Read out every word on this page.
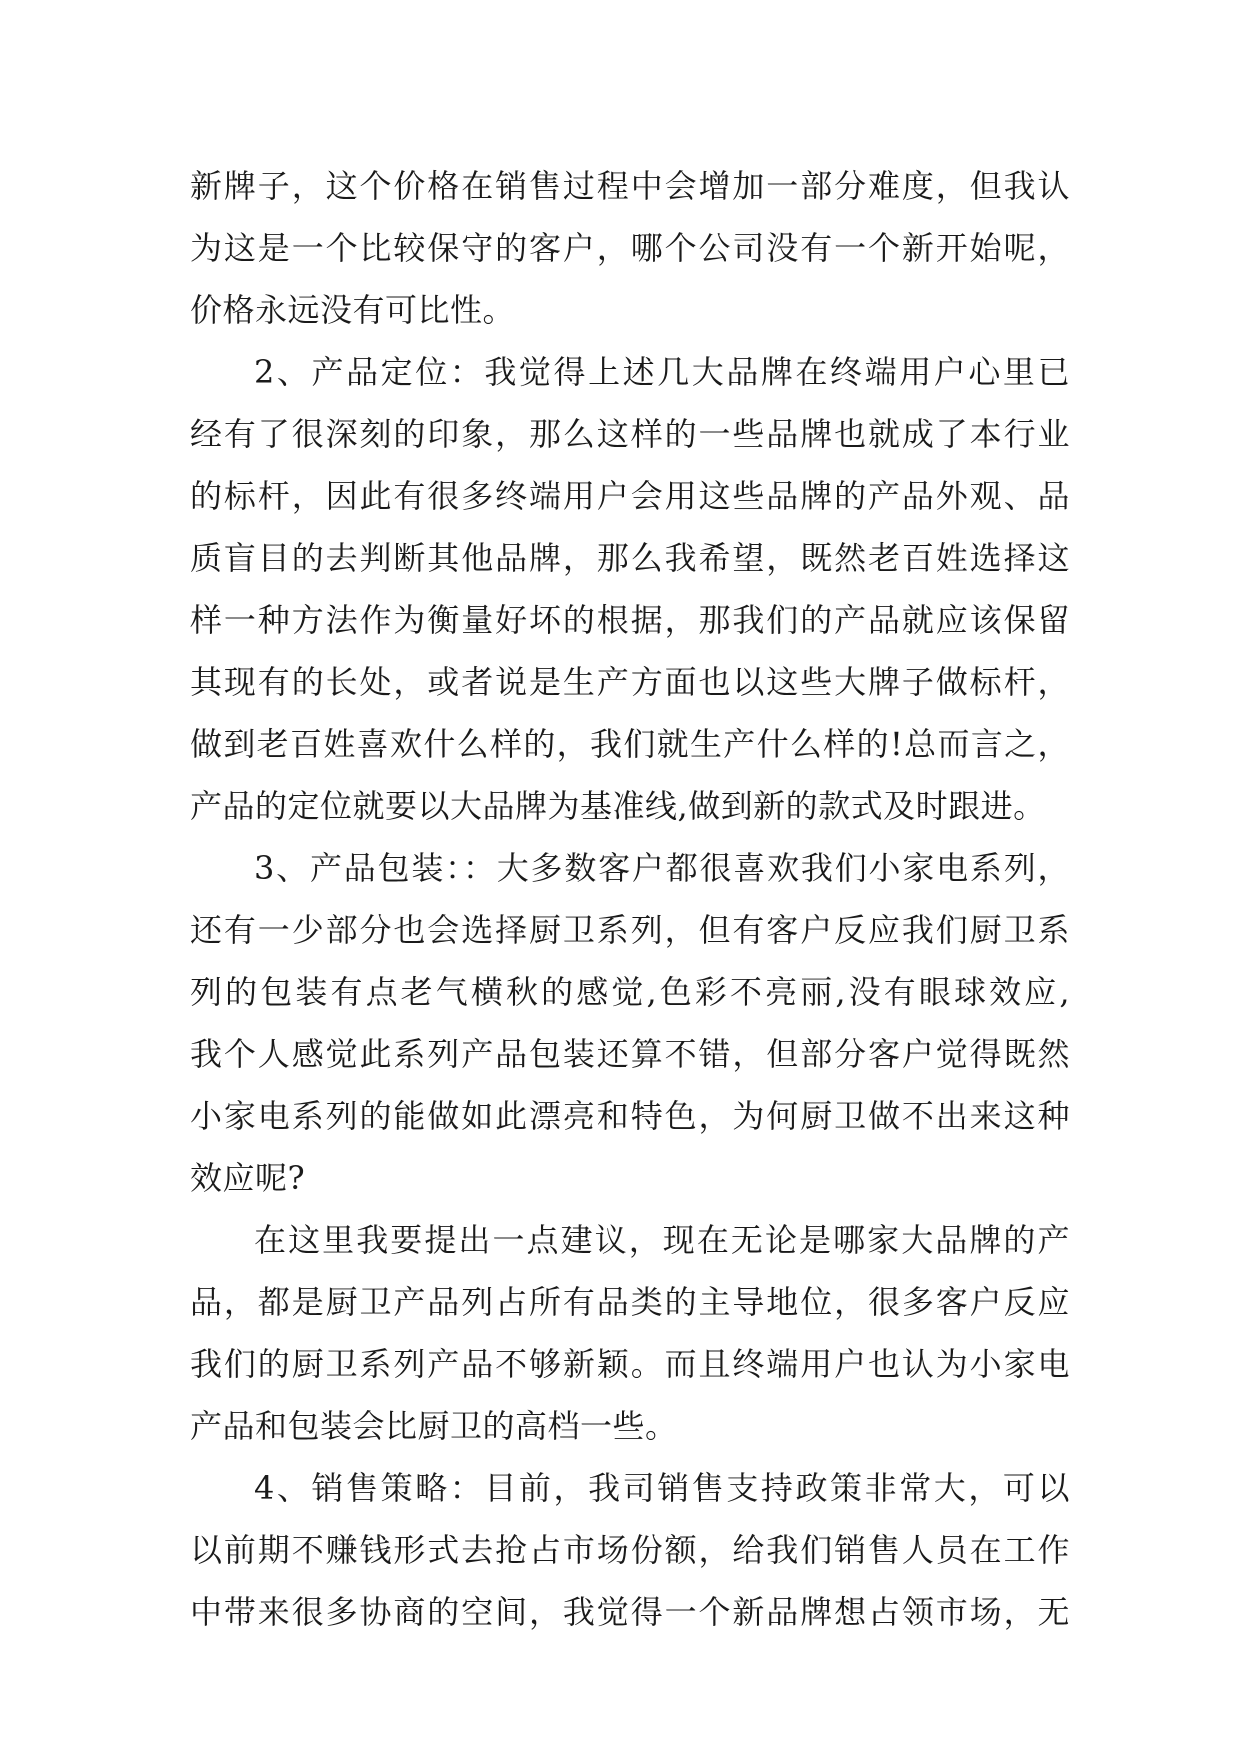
新牌子，这个价格在销售过程中会增加一部分难度，但我认
为这是一个比较保守的客户，哪个公司没有一个新开始呢，
价格永远没有可比性。
2、产品定位：我觉得上述几大品牌在终端用户心里已
经有了很深刻的印象，那么这样的一些品牌也就成了本行业
的标杆，因此有很多终端用户会用这些品牌的产品外观、品
质盲目的去判断其他品牌，那么我希望，既然老百姓选择这
样一种方法作为衡量好坏的根据，那我们的产品就应该保留
其现有的长处，或者说是生产方面也以这些大牌子做标杆，
做到老百姓喜欢什么样的，我们就生产什么样的!总而言之，
产品的定位就要以大品牌为基准线,做到新的款式及时跟进。
3、产品包装：：大多数客户都很喜欢我们小家电系列，
还有一少部分也会选择厨卫系列，但有客户反应我们厨卫系
列的包装有点老气横秋的感觉,色彩不亮丽,没有眼球效应,
我个人感觉此系列产品包装还算不错，但部分客户觉得既然
小家电系列的能做如此漂亮和特色，为何厨卫做不出来这种
效应呢?
在这里我要提出一点建议，现在无论是哪家大品牌的产
品，都是厨卫产品列占所有品类的主导地位，很多客户反应
我们的厨卫系列产品不够新颖。而且终端用户也认为小家电
产品和包装会比厨卫的高档一些。
4、销售策略：目前，我司销售支持政策非常大，可以
以前期不赚钱形式去抢占市场份额，给我们销售人员在工作
中带来很多协商的空间，我觉得一个新品牌想占领市场，无
